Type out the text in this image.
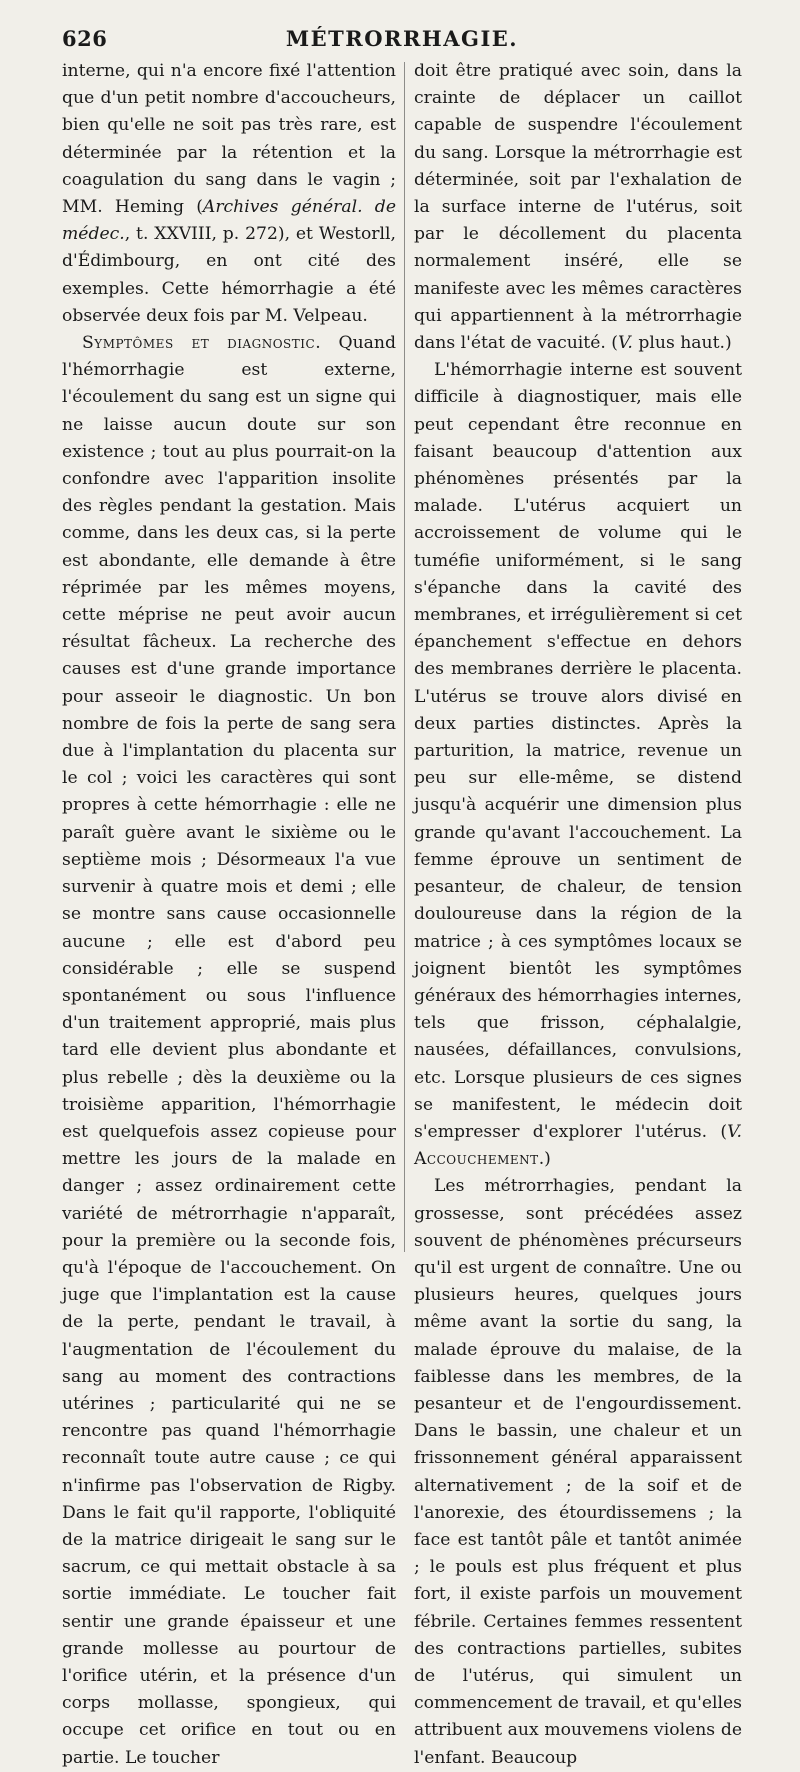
626	MÉTRORRHAGIE.

interne, qui n'a encore fixé l'attention que d'un petit nombre d'accoucheurs, bien qu'elle ne soit pas très rare, est déterminée par la rétention et la coagulation du sang dans le vagin ; MM. Heming (Archives général. de médec., t. XXVIII, p. 272), et Westorll, d'Édimbourg, en ont cité des exemples. Cette hémorrhagie a été observée deux fois par M. Velpeau.

Symptômes et diagnostic. Quand l'hémorrhagie est externe, l'écoulement du sang est un signe qui ne laisse aucun doute sur son existence ; tout au plus pourrait-on la confondre avec l'apparition insolite des règles pendant la gestation. Mais comme, dans les deux cas, si la perte est abondante, elle demande à être réprimée par les mêmes moyens, cette méprise ne peut avoir aucun résultat fâcheux. La recherche des causes est d'une grande importance pour asseoir le diagnostic. Un bon nombre de fois la perte de sang sera due à l'implantation du placenta sur le col ; voici les caractères qui sont propres à cette hémorrhagie : elle ne paraît guère avant le sixième ou le septième mois ; Désormeaux l'a vue survenir à quatre mois et demi ; elle se montre sans cause occasionnelle aucune ; elle est d'abord peu considérable ; elle se suspend spontanément ou sous l'influence d'un traitement approprié, mais plus tard elle devient plus abondante et plus rebelle ; dès la deuxième ou la troisième apparition, l'hémorrhagie est quelquefois assez copieuse pour mettre les jours de la malade en danger ; assez ordinairement cette variété de métrorrhagie n'apparaît, pour la première ou la seconde fois, qu'à l'époque de l'accouchement. On juge que l'implantation est la cause de la perte, pendant le travail, à l'augmentation de l'écoulement du sang au moment des contractions utérines ; particularité qui ne se rencontre pas quand l'hémorrhagie reconnaît toute autre cause ; ce qui n'infirme pas l'observation de Rigby. Dans le fait qu'il rapporte, l'obliquité de la matrice dirigeait le sang sur le sacrum, ce qui mettait obstacle à sa sortie immédiate. Le toucher fait sentir une grande épaisseur et une grande mollesse au pourtour de l'orifice utérin, et la présence d'un corps mollasse, spongieux, qui occupe cet orifice en tout ou en partie. Le toucher

doit être pratiqué avec soin, dans la crainte de déplacer un caillot capable de suspendre l'écoulement du sang. Lorsque la métrorrhagie est déterminée, soit par l'exhalation de la surface interne de l'utérus, soit par le décollement du placenta normalement inséré, elle se manifeste avec les mêmes caractères qui appartiennent à la métrorrhagie dans l'état de vacuité. (V. plus haut.)

L'hémorrhagie interne est souvent difficile à diagnostiquer, mais elle peut cependant être reconnue en faisant beaucoup d'attention aux phénomènes présentés par la malade. L'utérus acquiert un accroissement de volume qui le tuméfie uniformément, si le sang s'épanche dans la cavité des membranes, et irrégulièrement si cet épanchement s'effectue en dehors des membranes derrière le placenta. L'utérus se trouve alors divisé en deux parties distinctes. Après la parturition, la matrice, revenue un peu sur elle-même, se distend jusqu'à acquérir une dimension plus grande qu'avant l'accouchement. La femme éprouve un sentiment de pesanteur, de chaleur, de tension douloureuse dans la région de la matrice ; à ces symptômes locaux se joignent bientôt les symptômes généraux des hémorrhagies internes, tels que frisson, céphalalgie, nausées, défaillances, convulsions, etc. Lorsque plusieurs de ces signes se manifestent, le médecin doit s'empresser d'explorer l'utérus. (V. Accouchement.)

Les métrorrhagies, pendant la grossesse, sont précédées assez souvent de phénomènes précurseurs qu'il est urgent de connaître. Une ou plusieurs heures, quelques jours même avant la sortie du sang, la malade éprouve du malaise, de la faiblesse dans les membres, de la pesanteur et de l'engourdissement. Dans le bassin, une chaleur et un frissonnement général apparaissent alternativement ; de la soif et de l'anorexie, des étourdissemens ; la face est tantôt pâle et tantôt animée ; le pouls est plus fréquent et plus fort, il existe parfois un mouvement fébrile. Certaines femmes ressentent des contractions partielles, subites de l'utérus, qui simulent un commencement de travail, et qu'elles attribuent aux mouvemens violens de l'enfant. Beaucoup
